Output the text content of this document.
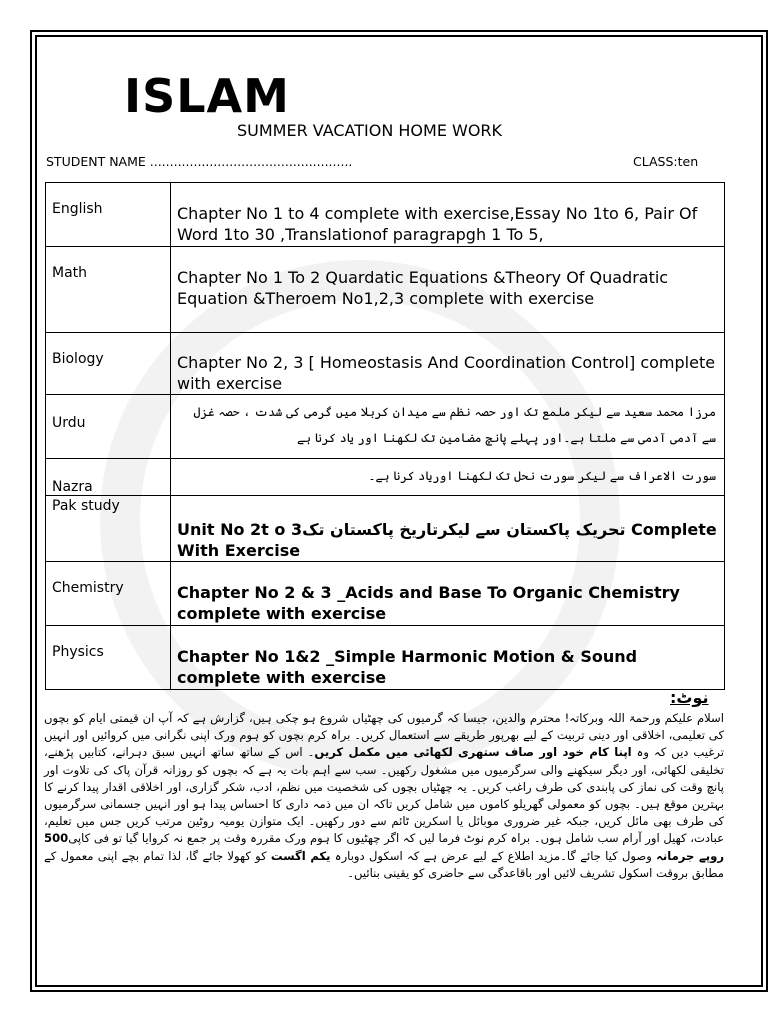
ISLAM
SUMMER VACATION HOME WORK
STUDENT NAME ...................................................	CLASS:ten
English	Chapter No 1 to 4 complete with exercise,Essay No 1to 6, Pair Of Word 1to 30 ,Translationof paragrapgh 1 To 5,
Math	Chapter No 1 To 2 Quardatic Equations &Theory Of Quadratic Equation &Theroem No1,2,3 complete with exercise
Biology	Chapter No 2, 3 [ Homeostasis And Coordination Control] complete with exercise
Urdu	مرزا محمد سعید سے لیکر ملمع تک اور حصہ نظم سے میدان کربلا میں گرمی کی شدت ، حصہ غزل سے آدمی آدمی سے ملتا ہے۔اور پہلے پانچ مضامین تک لکھنا اور یاد کرنا ہے

Nazra	سورت الاعراف سے لیکر سورت نحل تک لکھنا اوریاد کرنا ہے۔

Pak study	Unit No 2t o 3تحریک پاکستان سے لیکرتاریخ پاکستان تک Complete With Exercise
Chemistry	Chapter No 2 & 3 _Acids and Base To Organic Chemistry complete with exercise
Physics	Chapter No 1&2 _Simple Harmonic Motion & Sound complete with exercise
نوٹ:
اسلام علیکم ورحمۃ اللہ وبرکاتہ! محترم والدین، جیسا کہ گرمیوں کی چھٹیاں شروع ہو چکی ہیں، گزارش ہے کہ آپ ان قیمتی ایام کو بچوں کی تعلیمی، اخلاقی اور دینی تربیت کے لیے بھرپور طریقے سے استعمال کریں۔ براہ کرم بچوں کو ہوم ورک اپنی نگرانی میں کروائیں اور انہیں ترغیب دیں کہ وہ اپنا کام خود اور صاف ستھری لکھائی میں مکمل کریں۔ اس کے ساتھ ساتھ انہیں سبق دہرانے، کتابیں پڑھنے، تخلیقی لکھائی، اور دیگر سیکھنے والی سرگرمیوں میں مشغول رکھیں۔ سب سے اہم بات یہ ہے کہ بچوں کو روزانہ قرآن پاک کی تلاوت اور پانچ وقت کی نماز کی پابندی کی طرف راغب کریں۔ یہ چھٹیاں بچوں کی شخصیت میں نظم، ادب، شکر گزاری، اور اخلاقی اقدار پیدا کرنے کا بہترین موقع ہیں۔ بچوں کو معمولی گھریلو کاموں میں شامل کریں تاکہ ان میں ذمہ داری کا احساس پیدا ہو اور انہیں جسمانی سرگرمیوں کی طرف بھی مائل کریں، جبکہ غیر ضروری موبائل یا اسکرین ٹائم سے دور رکھیں۔ ایک متوازن یومیہ روٹین مرتب کریں جس میں تعلیم، عبادت، کھیل اور آرام سب شامل ہوں۔ براہ کرم نوٹ فرما لیں کہ اگر چھٹیوں کا ہوم ورک مقررہ وقت پر جمع نہ کروایا گیا تو فی کاپی500 روپے جرمانہ وصول کیا جائے گا۔مزید اطلاع کے لیے عرض ہے کہ اسکول دوبارہ یکم اگست کو کھولا جائے گا، لذا تمام بچے اپنی معمول کے مطابق بروقت اسکول تشریف لائیں اور باقاعدگی سے حاضری کو یقینی بنائیں۔
